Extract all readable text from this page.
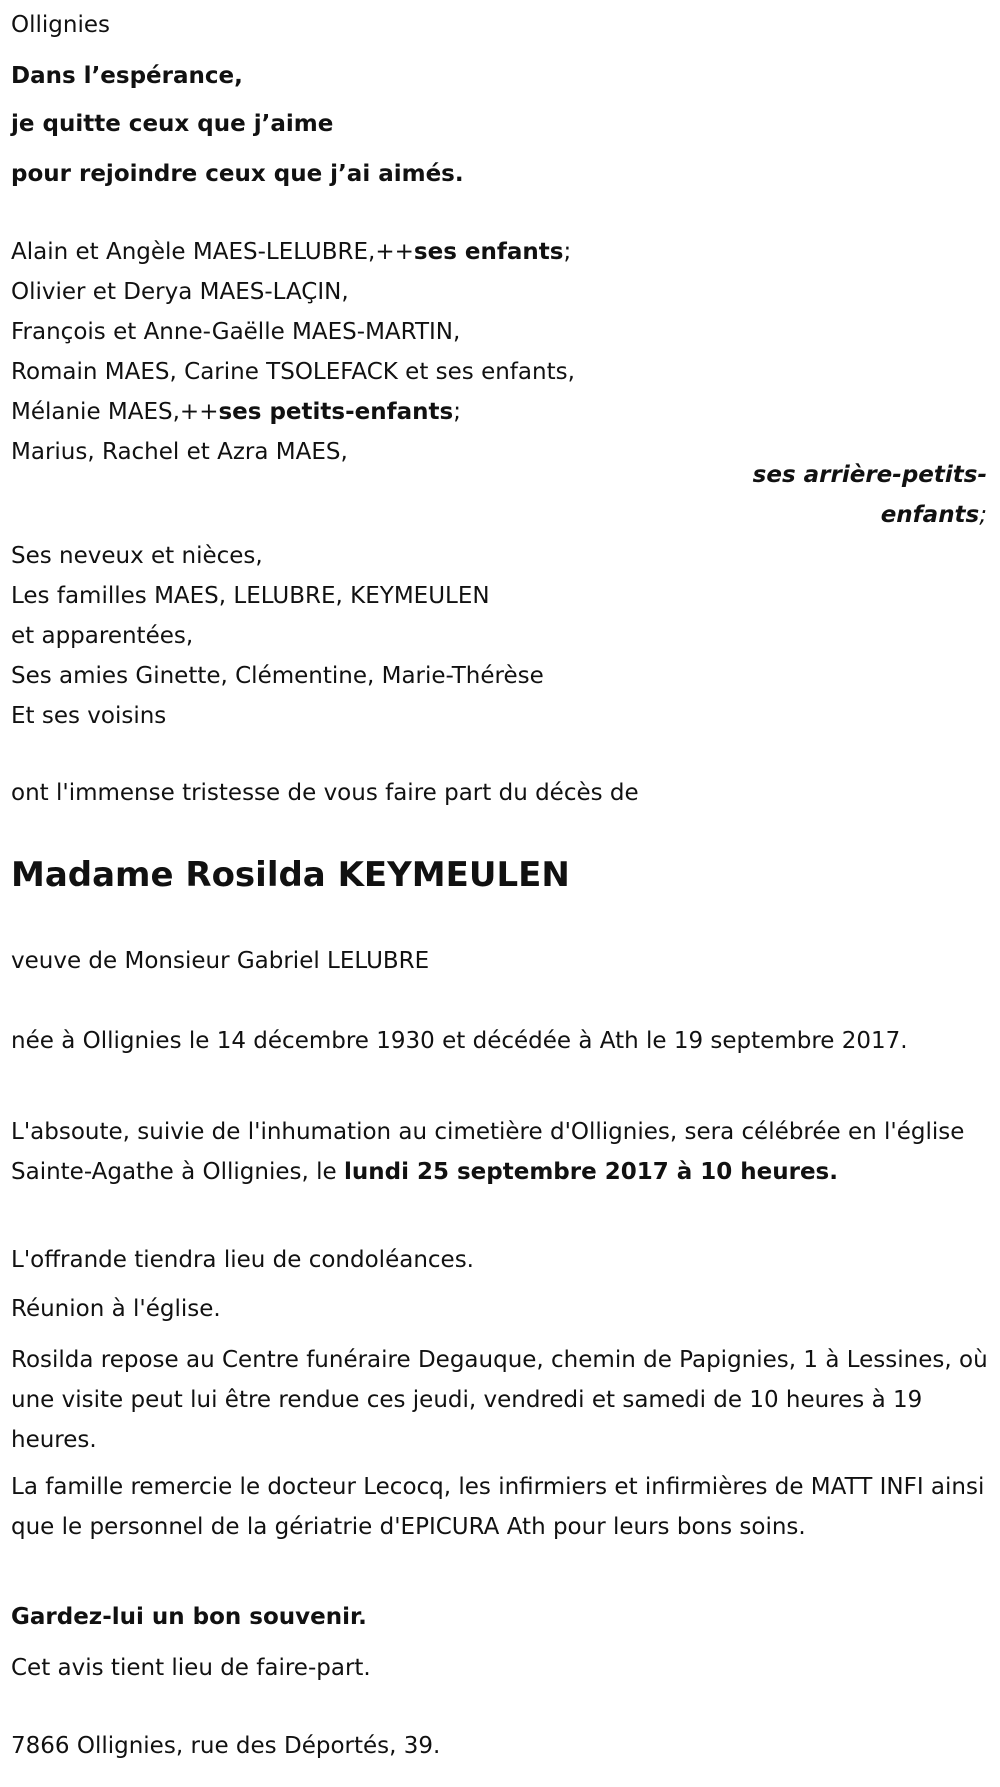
Ollignies
Dans l’espérance,
je quitte ceux que j’aime
pour rejoindre ceux que j’ai aimés.
Alain et Angèle MAES-LELUBRE,++ses enfants;
Olivier et Derya MAES-LAÇIN,
François et Anne-Gaëlle MAES-MARTIN,
Romain MAES, Carine TSOLEFACK et ses enfants,
Mélanie MAES,++ses petits-enfants;
Marius, Rachel et Azra MAES,
ses arrière-petits-enfants;
Ses neveux et nièces,
Les familles MAES, LELUBRE, KEYMEULEN
et apparentées,
Ses amies Ginette, Clémentine, Marie-Thérèse
Et ses voisins
ont l'immense tristesse de vous faire part du décès de
Madame Rosilda KEYMEULEN
veuve de Monsieur Gabriel LELUBRE
née à Ollignies le 14 décembre 1930 et décédée à Ath le 19 septembre 2017.
L'absoute, suivie de l'inhumation au cimetière d'Ollignies, sera célébrée en l'église Sainte-Agathe à Ollignies, le lundi 25 septembre 2017 à 10 heures.
L'offrande tiendra lieu de condoléances.
Réunion à l'église.
Rosilda repose au Centre funéraire Degauque, chemin de Papignies, 1 à Lessines, où une visite peut lui être rendue ces jeudi, vendredi et samedi de 10 heures à 19 heures.
La famille remercie le docteur Lecocq, les infirmiers et infirmières de MATT INFI ainsi que le personnel de la gériatrie d'EPICURA Ath pour leurs bons soins.
Gardez-lui un bon souvenir.
Cet avis tient lieu de faire-part.
7866 Ollignies, rue des Déportés, 39.
